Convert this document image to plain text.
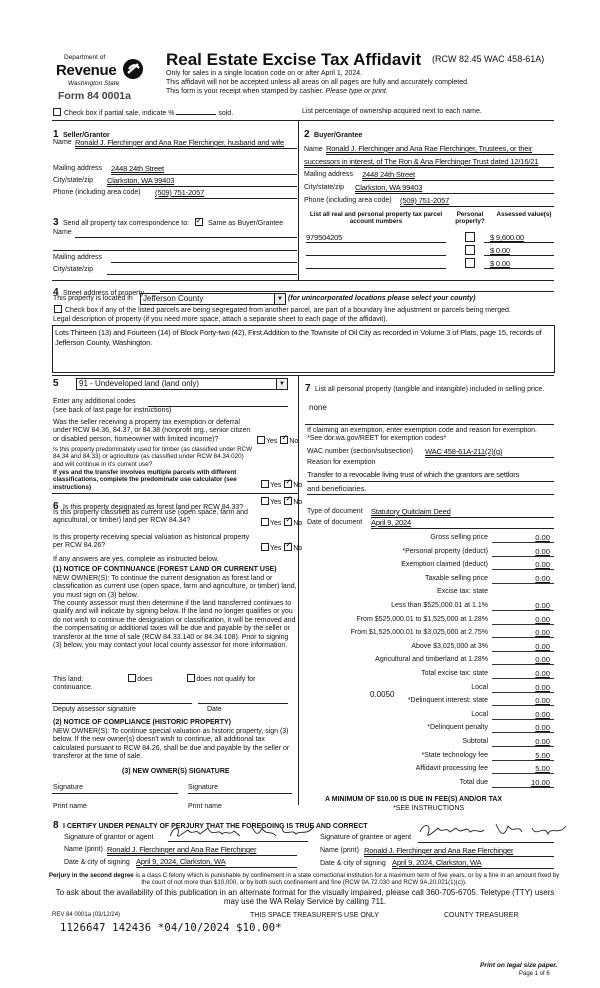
Department of
Revenue
Washington State
Form 84 0001a
Real Estate Excise Tax Affidavit (RCW 82.45 WAC 458-61A)
Only for sales in a single location code on or after April 1, 2024.
This affidavit will not be accepted unless all areas on all pages are fully and accurately completed.
This form is your receipt when stamped by cashier. Please type or print.
Check box if partial sale, indicate %	sold.	List percentage of ownership acquired next to each name.
1 Seller/Grantor
Name Ronald J. Flerchinger and Ana Rae Flerchinger, husband and wife
Mailing address 2448 24th Street
City/state/zip Clarkston, WA 99403
Phone (including area code) (509) 751-2057
2 Buyer/Grantee
Name Ronald J. Flerchinger and Ana Rae Flerchinger, Trustees, or their
successors in interest, of The Ron & Ana Flerchinger Trust dated 12/16/21
Mailing address 2448 24th Street
City/state/zip Clarkston, WA 99403
Phone (including area code) (509) 751-2057
3 Send all property tax correspondence to: ✓ Same as Buyer/Grantee
Name
Mailing address
City/state/zip
List all real and personal property tax parcel account numbers
Personal property?
Assessed value(s)
979504205	$ 9,600.00
$ 0.00
$ 0.00
4 Street address of property
This property is located in Jefferson County	▼ (for unincorporated locations please select your county)
Check box if any of the listed parcels are being segregated from another parcel, are part of a boundary line adjustment or parcels being merged.
Legal description of property (if you need more space, attach a separate sheet to each page of the affidavit).
Lots Thirteen (13) and Fourteen (14) of Block Forty-two (42), First Addition to the Townsite of Oil City as recorded in Volume 3 of Plats, page 15, records of Jefferson County, Washington.
5	91 - Undeveloped land (land only)	▼
Enter any additional codes
(see back of last page for instructions)
Was the seller receiving a property tax exemption or deferral under RCW 84.36, 84.37, or 84.38 (nonprofit org., senior citizen or disabled person, homeowner with limited income)?	Yes ✓ No
Is this property predominately used for timber (as classified under RCW 84.34 and 84.33) or agriculture (as classified under RCW 84.34.020) and will continue in it's current use?
If yes and the transfer involves multiple parcels with different classifications, complete the predominate use calculator (see instructions)	Yes ✓ No
6 Is this property designated as forest land per RCW 84.33?
Yes ✓ No
Is this property classified as current use (open space, farm and agricultural, or timber) land per RCW 84.34?	Yes ✓ No
Is this property receiving special valuation as historical property per RCW 84.26?	Yes ✓ No
If any answers are yes, complete as instructed below.
(1) NOTICE OF CONTINUANCE (FOREST LAND OR CURRENT USE)
NEW OWNER(S): To continue the current designation as forest land or classification as current use (open space, farm and agriculture, or timber) land, you must sign on (3) below.
The county assessor must then determine if the land transferred continues to qualify and will indicate by signing below. If the land no longer qualifies or you do not wish to continue the designation or classification, it will be removed and the compensating or additional taxes will be due and payable by the seller or transferor at the time of sale (RCW 84.33.140 or 84.34.108). Prior to signing (3) below, you may contact your local county assessor for more information.
This land:	does	does not qualify for
continuance.
Deputy assessor signature	Date
(2) NOTICE OF COMPLIANCE (HISTORIC PROPERTY)
NEW OWNER(S): To continue special valuation as historic property, sign (3) below. If the new owner(s) doesn't wish to continue, all additional tax calculated pursuant to RCW 84.26, shall be due and payable by the seller or transferor at the time of sale.
(3) NEW OWNER(S) SIGNATURE
Signature	Signature
Print name	Print name
7 List all personal property (tangible and intangible) included in selling price.
none
If claiming an exemption, enter exemption code and reason for exemption. *See dor.wa.gov/REET for exemption codes*
WAC number (section/subsection) WAC 458-61A-211(2)(g)
Reason for exemption
Transfer to a revocable living trust of which the grantors are settlors
and beneficiaries.
Type of document Statutory Quitclaim Deed
Date of document April 9, 2024
Gross selling price	0.00
*Personal property (deduct)	0.00
Exemption claimed (deduct)	0.00
Taxable selling price	0.00
Excise tax: state
Less than $525,000.01 at 1.1%	0.00
From $525,000.01 to $1,525,000 at 1.28%	0.00
From $1,525,000.01 to $3,025,000 at 2.75%	0.00
Above $3,025,000 at 3%	0.00
Agricultural and timberland at 1.28%	0.00
Total excise tax: state	0.00
Local	0.00
*Delinquent interest: state	0.00
Local	0.00
*Delinquent penalty	0.00
Subtotal	0.00
*State technology fee	5.00
Affidavit processing fee	5.00
Total due	10.00
0.0050
A MINIMUM OF $10.00 IS DUE IN FEE(S) AND/OR TAX
*SEE INSTRUCTIONS
8 I CERTIFY UNDER PENALTY OF PERJURY THAT THE FOREGOING IS TRUE AND CORRECT
Signature of grantor or agent	Signature of grantee or agent
Name (print) Ronald J. Flerchinger and Ana Rae Flerchinger	Name (print) Ronald J. Flerchinger and Ana Rae Flerchinger
Date & city of signing April 9, 2024, Clarkston, WA	Date & city of signing April 9, 2024, Clarkston, WA
Perjury in the second degree is a class C felony which is punishable by confinement in a state correctional institution for a maximum term of five years, or by a fine in an amount fixed by the court of not more than $10,000, or by both such confinement and fine (RCW 9A.72.030 and RCW 9A.20.021(1)(c)).
To ask about the availability of this publication in an alternate format for the visually impaired, please call 360-705-6705. Teletype (TTY) users may use the WA Relay Service by calling 711.
REV 84 0001a (03/12/24)	THIS SPACE TREASURER'S USE ONLY	COUNTY TREASURER
1126647 142436 *04/10/2024 $10.00*
Print on legal size paper.
Page 1 of 6
